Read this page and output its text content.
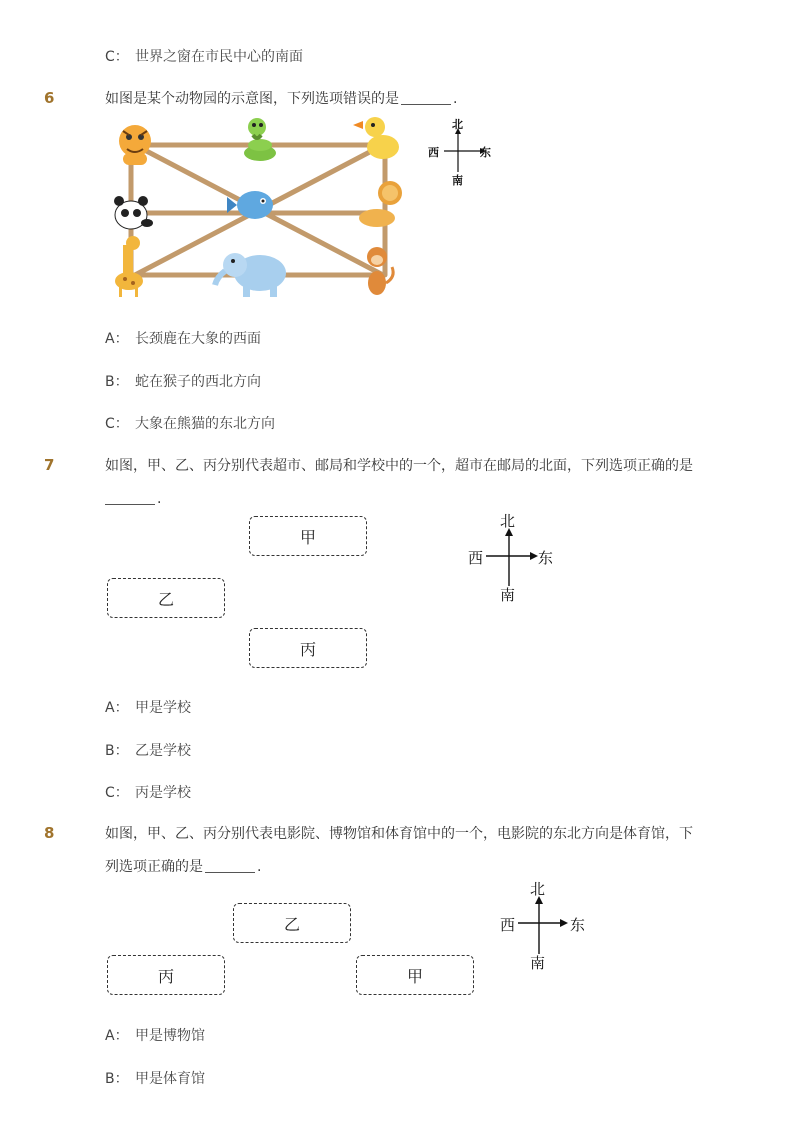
C： 世界之窗在市民中心的南面
6	如图是某个动物园的示意图，下列选项错误的是	.
北
西	东
南
A： 长颈鹿在大象的西面
B： 蛇在猴子的西北方向
C： 大象在熊猫的东北方向
7	如图，甲、乙、丙分别代表超市、邮局和学校中的一个，超市在邮局的北面，下列选项正确的是
.
甲
乙
丙
北
西	东
南
A： 甲是学校
B： 乙是学校
C： 丙是学校
8	如图，甲、乙、丙分别代表电影院、博物馆和体育馆中的一个，电影院的东北方向是体育馆，下
列选项正确的是	.
乙
丙	甲
北
西	东
南
A： 甲是博物馆
B： 甲是体育馆
